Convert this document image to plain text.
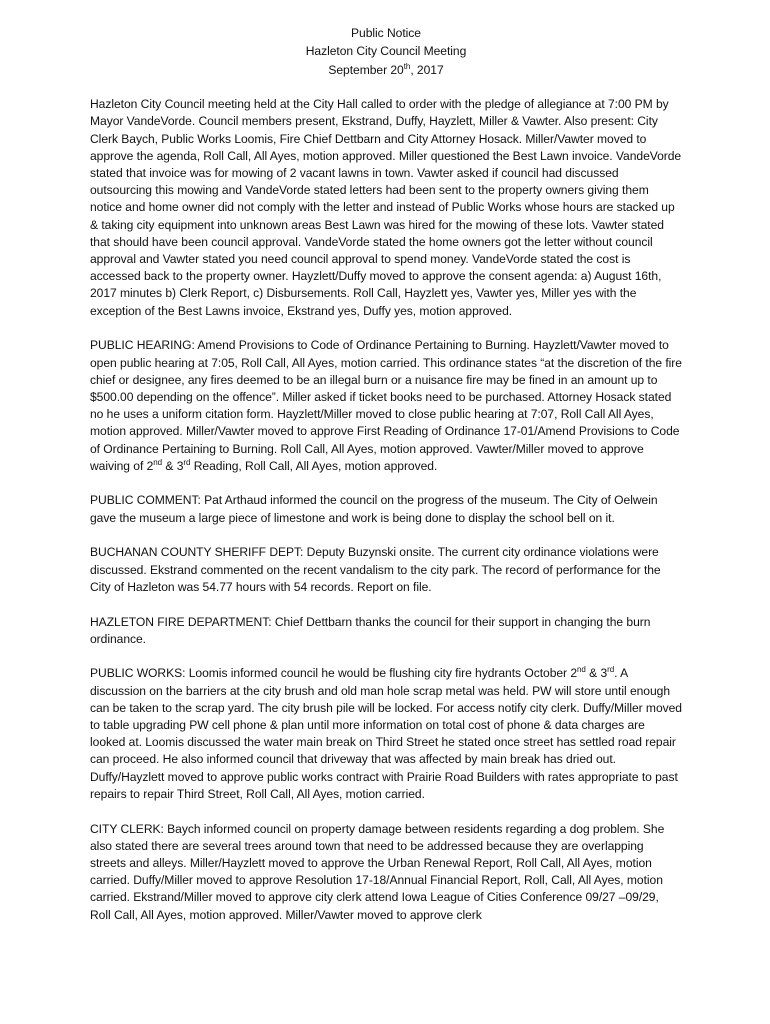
Public Notice
Hazleton City Council Meeting
September 20th, 2017

Hazleton City Council meeting held at the City Hall called to order with the pledge of allegiance at 7:00 PM by Mayor VandeVorde. Council members present, Ekstrand, Duffy, Hayzlett, Miller & Vawter. Also present: City Clerk Baych, Public Works Loomis, Fire Chief Dettbarn and City Attorney Hosack. Miller/Vawter moved to approve the agenda, Roll Call, All Ayes, motion approved. Miller questioned the Best Lawn invoice. VandeVorde stated that invoice was for mowing of 2 vacant lawns in town. Vawter asked if council had discussed outsourcing this mowing and VandeVorde stated letters had been sent to the property owners giving them notice and home owner did not comply with the letter and instead of Public Works whose hours are stacked up & taking city equipment into unknown areas Best Lawn was hired for the mowing of these lots. Vawter stated that should have been council approval. VandeVorde stated the home owners got the letter without council approval and Vawter stated you need council approval to spend money. VandeVorde stated the cost is accessed back to the property owner. Hayzlett/Duffy moved to approve the consent agenda: a) August 16th, 2017 minutes b) Clerk Report, c) Disbursements. Roll Call, Hayzlett yes, Vawter yes, Miller yes with the exception of the Best Lawns invoice, Ekstrand yes, Duffy yes, motion approved.

PUBLIC HEARING: Amend Provisions to Code of Ordinance Pertaining to Burning. Hayzlett/Vawter moved to open public hearing at 7:05, Roll Call, All Ayes, motion carried. This ordinance states “at the discretion of the fire chief or designee, any fires deemed to be an illegal burn or a nuisance fire may be fined in an amount up to $500.00 depending on the offence”. Miller asked if ticket books need to be purchased. Attorney Hosack stated no he uses a uniform citation form. Hayzlett/Miller moved to close public hearing at 7:07, Roll Call All Ayes, motion approved. Miller/Vawter moved to approve First Reading of Ordinance 17-01/Amend Provisions to Code of Ordinance Pertaining to Burning. Roll Call, All Ayes, motion approved. Vawter/Miller moved to approve waiving of 2nd & 3rd Reading, Roll Call, All Ayes, motion approved.

PUBLIC COMMENT: Pat Arthaud informed the council on the progress of the museum. The City of Oelwein gave the museum a large piece of limestone and work is being done to display the school bell on it.

BUCHANAN COUNTY SHERIFF DEPT: Deputy Buzynski onsite. The current city ordinance violations were discussed. Ekstrand commented on the recent vandalism to the city park. The record of performance for the City of Hazleton was 54.77 hours with 54 records. Report on file.

HAZLETON FIRE DEPARTMENT: Chief Dettbarn thanks the council for their support in changing the burn ordinance.

PUBLIC WORKS: Loomis informed council he would be flushing city fire hydrants October 2nd & 3rd. A discussion on the barriers at the city brush and old man hole scrap metal was held. PW will store until enough can be taken to the scrap yard. The city brush pile will be locked. For access notify city clerk. Duffy/Miller moved to table upgrading PW cell phone & plan until more information on total cost of phone & data charges are looked at. Loomis discussed the water main break on Third Street he stated once street has settled road repair can proceed. He also informed council that driveway that was affected by main break has dried out. Duffy/Hayzlett moved to approve public works contract with Prairie Road Builders with rates appropriate to past repairs to repair Third Street, Roll Call, All Ayes, motion carried.

CITY CLERK: Baych informed council on property damage between residents regarding a dog problem. She also stated there are several trees around town that need to be addressed because they are overlapping streets and alleys. Miller/Hayzlett moved to approve the Urban Renewal Report, Roll Call, All Ayes, motion carried. Duffy/Miller moved to approve Resolution 17-18/Annual Financial Report, Roll, Call, All Ayes, motion carried. Ekstrand/Miller moved to approve city clerk attend Iowa League of Cities Conference 09/27 –09/29, Roll Call, All Ayes, motion approved. Miller/Vawter moved to approve clerk
